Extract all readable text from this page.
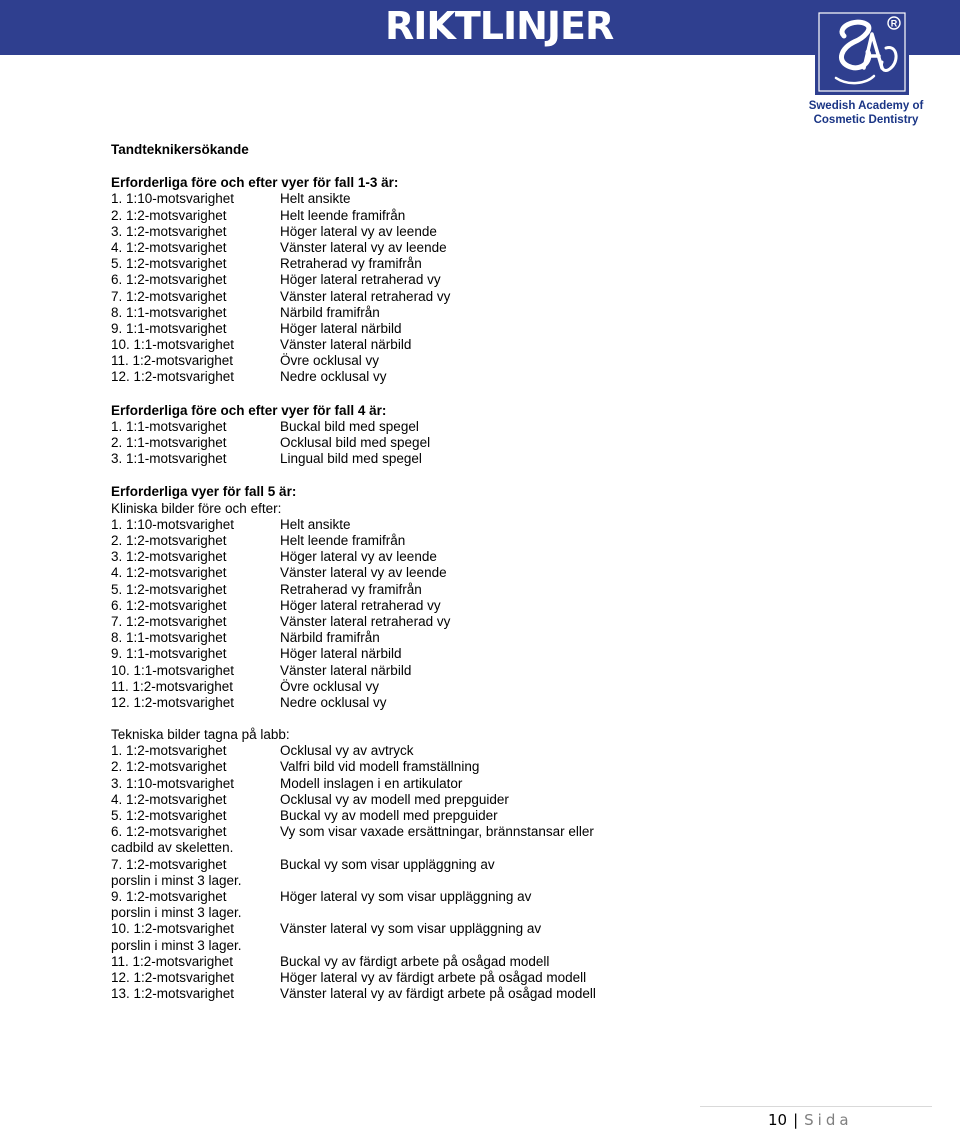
RIKTLINJER	R
Swedish Academy of
Cosmetic Dentistry
Tandteknikersökande
Erforderliga före och efter vyer för fall 1-3 är:
1. 1:10-motsvarighet	Helt ansikte
2. 1:2-motsvarighet	Helt leende framifrån
3. 1:2-motsvarighet	Höger lateral vy av leende
4. 1:2-motsvarighet	Vänster lateral vy av leende
5. 1:2-motsvarighet	Retraherad vy framifrån
6. 1:2-motsvarighet	Höger lateral retraherad vy
7. 1:2-motsvarighet	Vänster lateral retraherad vy
8. 1:1-motsvarighet	Närbild framifrån
9. 1:1-motsvarighet	Höger lateral närbild
10. 1:1-motsvarighet	Vänster lateral närbild
11. 1:2-motsvarighet	Övre ocklusal vy
12. 1:2-motsvarighet	Nedre ocklusal vy
Erforderliga före och efter vyer för fall 4 är:
1. 1:1-motsvarighet	Buckal bild med spegel
2. 1:1-motsvarighet	Ocklusal bild med spegel
3. 1:1-motsvarighet	Lingual bild med spegel
Erforderliga vyer för fall 5 är:
Kliniska bilder före och efter:
1. 1:10-motsvarighet	Helt ansikte
2. 1:2-motsvarighet	Helt leende framifrån
3. 1:2-motsvarighet	Höger lateral vy av leende
4. 1:2-motsvarighet	Vänster lateral vy av leende
5. 1:2-motsvarighet	Retraherad vy framifrån
6. 1:2-motsvarighet	Höger lateral retraherad vy
7. 1:2-motsvarighet	Vänster lateral retraherad vy
8. 1:1-motsvarighet	Närbild framifrån
9. 1:1-motsvarighet	Höger lateral närbild
10. 1:1-motsvarighet	Vänster lateral närbild
11. 1:2-motsvarighet	Övre ocklusal vy
12. 1:2-motsvarighet	Nedre ocklusal vy
Tekniska bilder tagna på labb:
1. 1:2-motsvarighet	Ocklusal vy av avtryck
2. 1:2-motsvarighet	Valfri bild vid modell framställning
3. 1:10-motsvarighet	Modell inslagen i en artikulator
4. 1:2-motsvarighet	Ocklusal vy av modell med prepguider
5. 1:2-motsvarighet	Buckal vy av modell med prepguider
6. 1:2-motsvarighet	Vy som visar vaxade ersättningar, brännstansar eller
cadbild av skeletten.
7. 1:2-motsvarighet	Buckal vy som visar uppläggning av
porslin i minst 3 lager.
9. 1:2-motsvarighet	Höger lateral vy som visar uppläggning av
porslin i minst 3 lager.
10. 1:2-motsvarighet	Vänster lateral vy som visar uppläggning av
porslin i minst 3 lager.
11. 1:2-motsvarighet	Buckal vy av färdigt arbete på osågad modell
12. 1:2-motsvarighet	Höger lateral vy av färdigt arbete på osågad modell
13. 1:2-motsvarighet	Vänster lateral vy av färdigt arbete på osågad modell
10 | Sida
